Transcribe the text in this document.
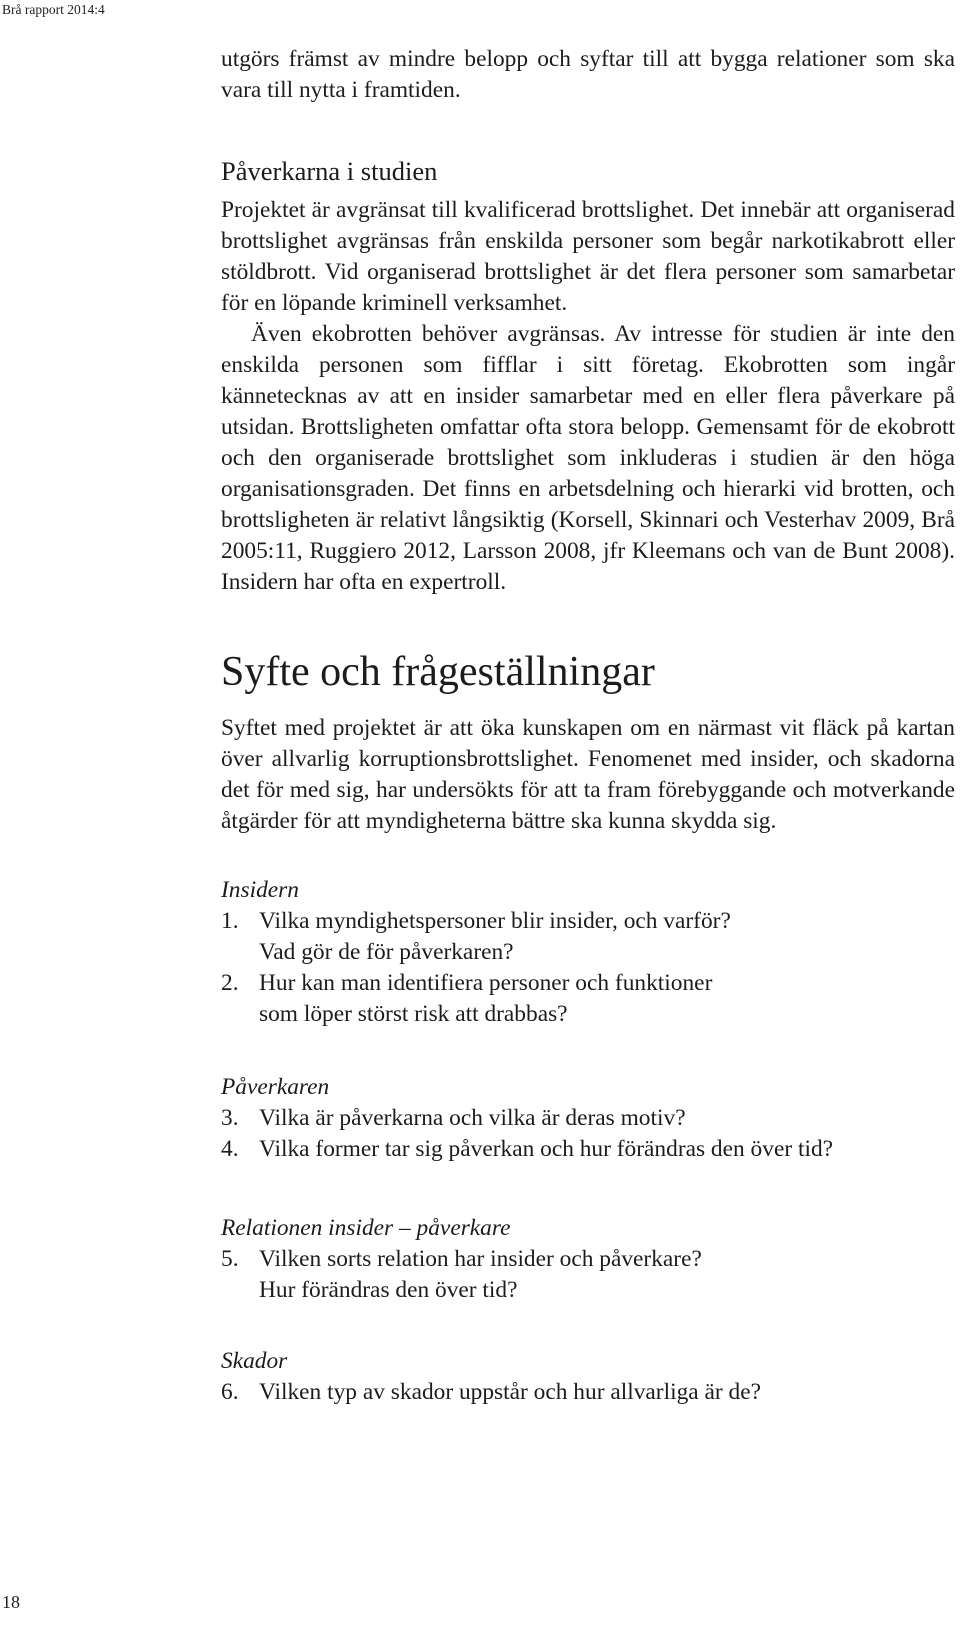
Brå rapport 2014:4

utgörs främst av mindre belopp och syftar till att bygga relationer som ska vara till nytta i framtiden.

Påverkarna i studien

Projektet är avgränsat till kvalificerad brottslighet. Det innebär att organiserad brottslighet avgränsas från enskilda personer som begår narkotikabrott eller stöldbrott. Vid organiserad brottslighet är det flera personer som samarbetar för en löpande kriminell verksamhet.

Även ekobrotten behöver avgränsas. Av intresse för studien är inte den enskilda personen som fifflar i sitt företag. Ekobrotten som ingår kännetecknas av att en insider samarbetar med en eller flera påverkare på utsidan. Brottsligheten omfattar ofta stora belopp. Gemensamt för de ekobrott och den organiserade brottslighet som inkluderas i studien är den höga organisationsgraden. Det finns en arbetsdelning och hierarki vid brotten, och brottsligheten är relativt långsiktig (Korsell, Skinnari och Vesterhav 2009, Brå 2005:11, Ruggiero 2012, Larsson 2008, jfr Kleemans och van de Bunt 2008). Insidern har ofta en expertroll.

Syfte och frågeställningar

Syftet med projektet är att öka kunskapen om en närmast vit fläck på kartan över allvarlig korruptionsbrottslighet. Fenomenet med insider, och skadorna det för med sig, har undersökts för att ta fram förebyggande och motverkande åtgärder för att myndigheterna bättre ska kunna skydda sig.

Insidern
1. Vilka myndighetspersoner blir insider, och varför?
Vad gör de för påverkaren?
2. Hur kan man identifiera personer och funktioner
som löper störst risk att drabbas?
Påverkaren
3. Vilka är påverkarna och vilka är deras motiv?
4. Vilka former tar sig påverkan och hur förändras den över tid?
Relationen insider – påverkare
5. Vilken sorts relation har insider och påverkare?
Hur förändras den över tid?
Skador
6. Vilken typ av skador uppstår och hur allvarliga är de?
18
